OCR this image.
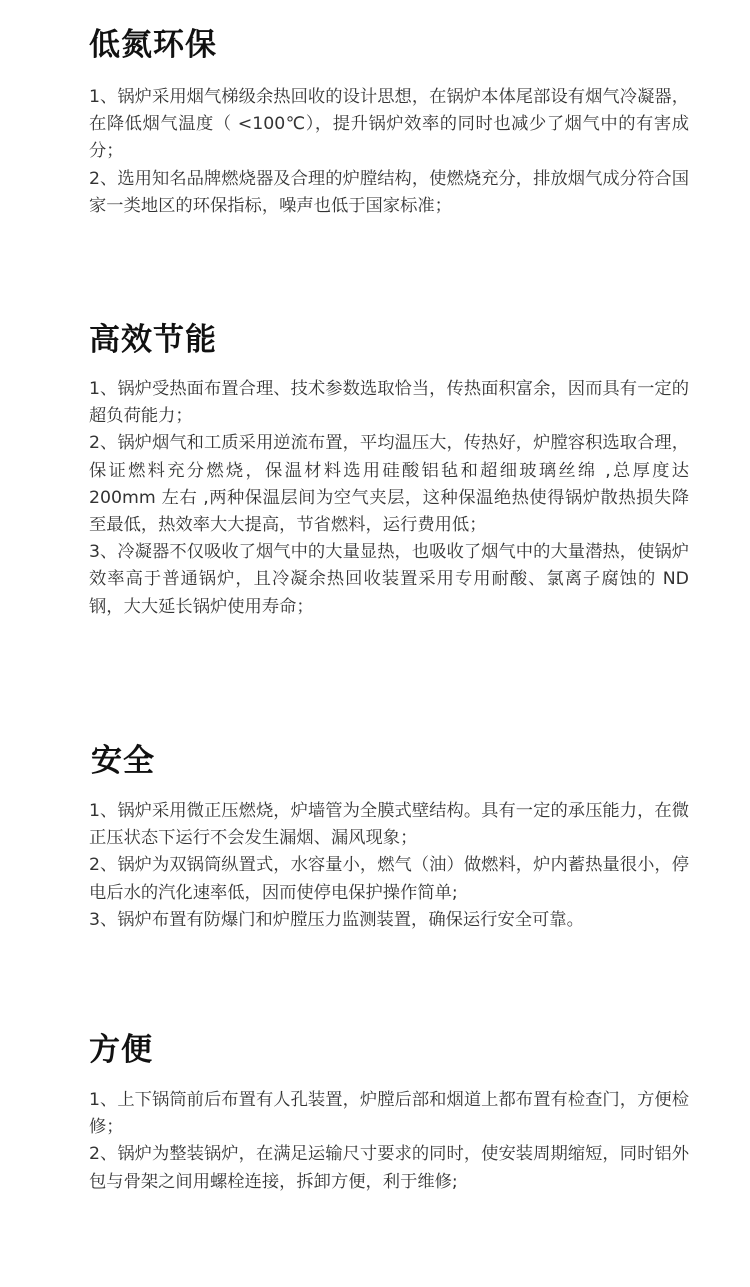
低氮环保

1、锅炉采用烟气梯级余热回收的设计思想，在锅炉本体尾部设有烟气冷凝器，在降低烟气温度（ <100℃），提升锅炉效率的同时也减少了烟气中的有害成分；

2、选用知名品牌燃烧器及合理的炉膛结构，使燃烧充分，排放烟气成分符合国家一类地区的环保指标，噪声也低于国家标准；

高效节能

1、锅炉受热面布置合理、技术参数选取恰当，传热面积富余，因而具有一定的超负荷能力；

2、锅炉烟气和工质采用逆流布置，平均温压大，传热好，炉膛容积选取合理，保证燃料充分燃烧，保温材料选用硅酸铝毡和超细玻璃丝绵 ,总厚度达 200mm 左右 ,两种保温层间为空气夹层，这种保温绝热使得锅炉散热损失降至最低，热效率大大提高，节省燃料，运行费用低；

3、冷凝器不仅吸收了烟气中的大量显热，也吸收了烟气中的大量潜热，使锅炉效率高于普通锅炉，且冷凝余热回收装置采用专用耐酸、氯离子腐蚀的 ND 钢，大大延长锅炉使用寿命；

安全

1、锅炉采用微正压燃烧，炉墙管为全膜式壁结构。具有一定的承压能力，在微正压状态下运行不会发生漏烟、漏风现象；

2、锅炉为双锅筒纵置式，水容量小，燃气（油）做燃料，炉内蓄热量很小，停电后水的汽化速率低，因而使停电保护操作简单;

3、锅炉布置有防爆门和炉膛压力监测装置，确保运行安全可靠。

方便

1、上下锅筒前后布置有人孔装置，炉膛后部和烟道上都布置有检查门，方便检修；

2、锅炉为整装锅炉，在满足运输尺寸要求的同时，使安装周期缩短，同时铝外包与骨架之间用螺栓连接，拆卸方便，利于维修;
